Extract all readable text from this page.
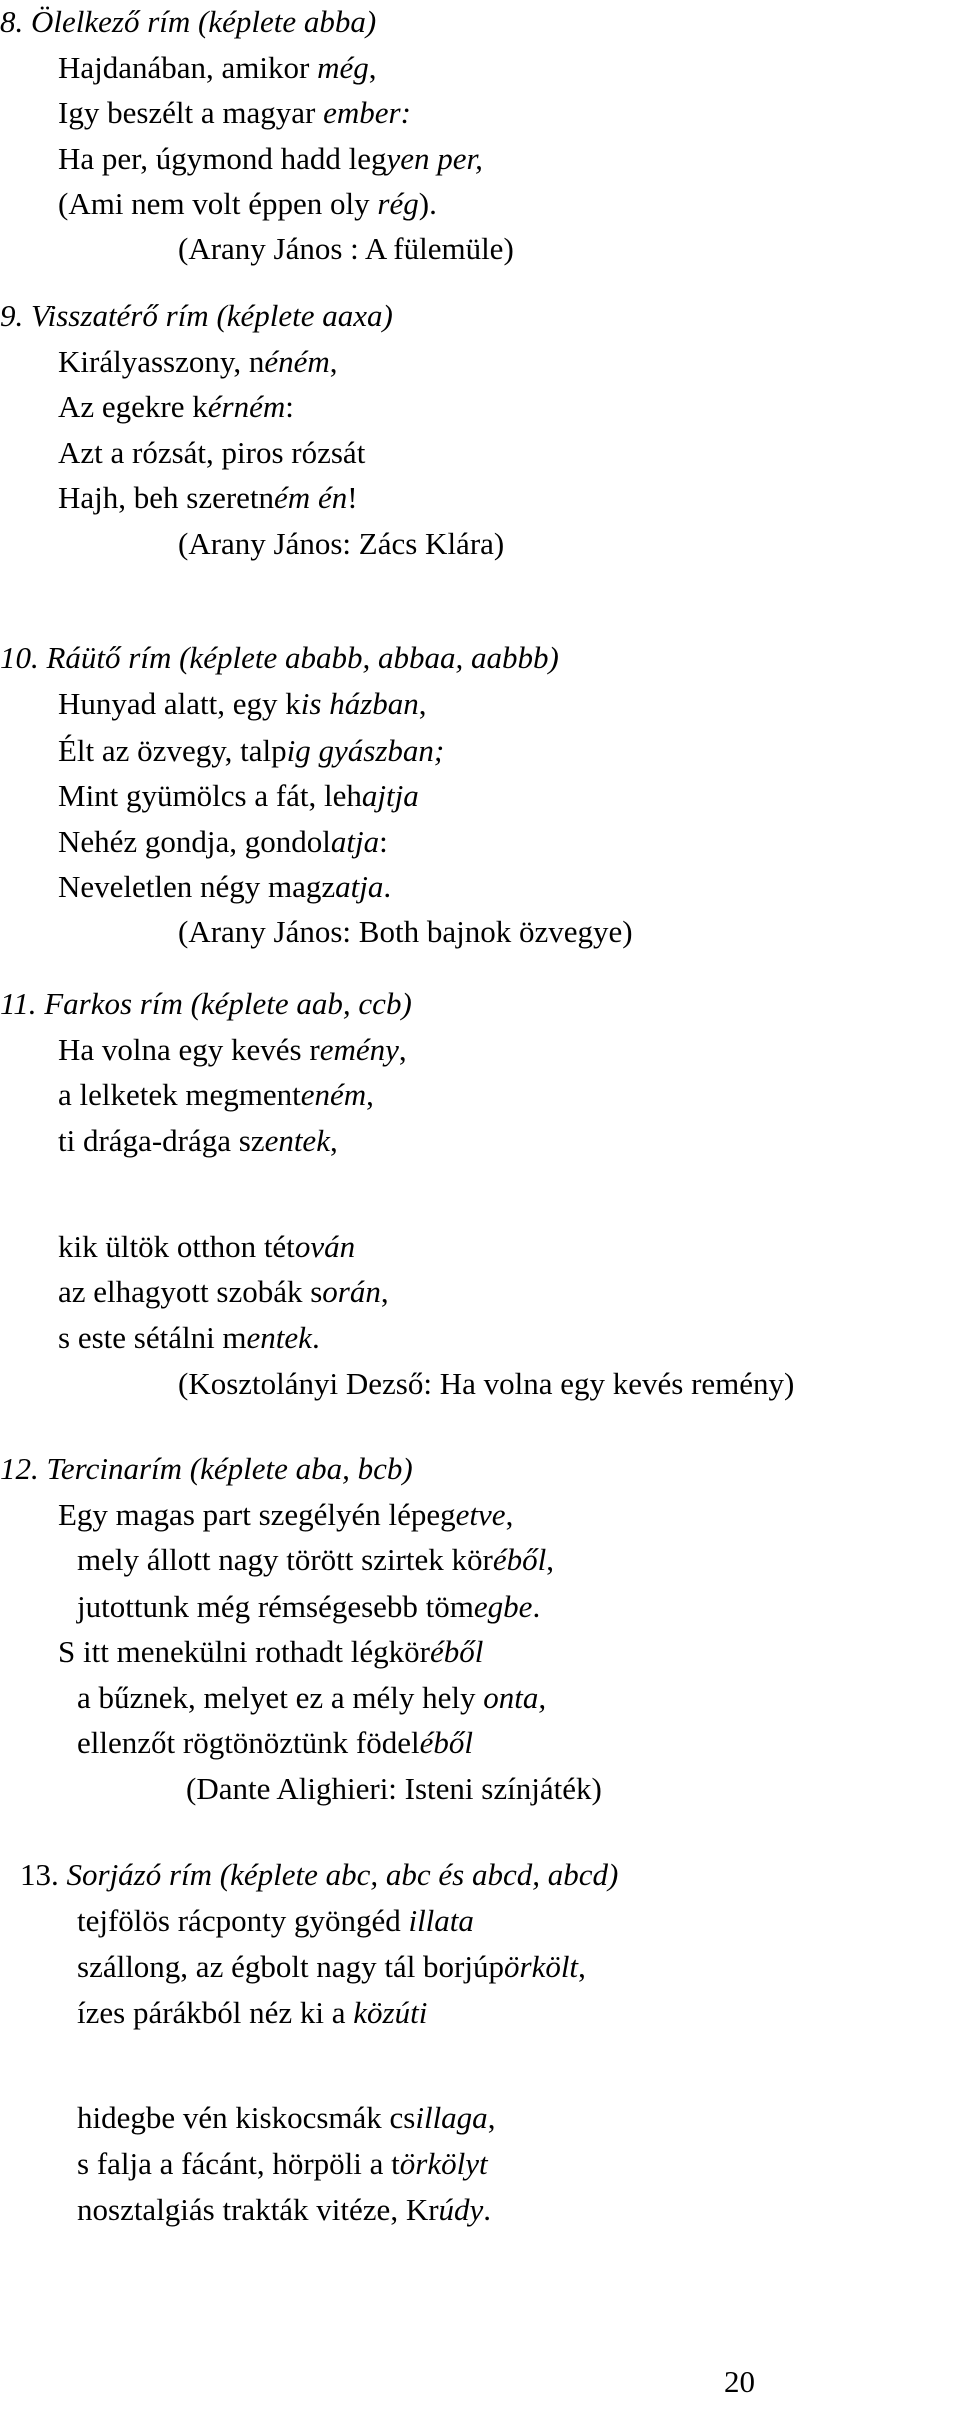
8. Ölelkező rím (képlete abba)

Hajdanában, amikor még,

Igy beszélt a magyar ember:

Ha per, úgymond hadd legyen per,

(Ami nem volt éppen oly rég).

(Arany János : A fülemüle)

9. Visszatérő rím (képlete aaxa)

Királyasszony, néném,

Az egekre kérném:

Azt a rózsát, piros rózsát

Hajh, beh szeretném én!

(Arany János: Zács Klára)

10. Ráütő rím (képlete ababb, abbaa, aabbb)

Hunyad alatt, egy kis házban,

Élt az özvegy, talpig gyászban;

Mint gyümölcs a fát, lehajtja

Nehéz gondja, gondolatja:

Neveletlen négy magzatja.

(Arany János: Both bajnok özvegye)

11. Farkos rím (képlete aab, ccb)

Ha volna egy kevés remény,

a lelketek megmenteném,

ti drága-drága szentek,

kik ültök otthon tétován

az elhagyott szobák során,

s este sétálni mentek.

(Kosztolányi Dezső: Ha volna egy kevés remény)

12. Tercinarím (képlete aba, bcb)

Egy magas part szegélyén lépegetve,

mely állott nagy törött szirtek köréből,

jutottunk még rémségesebb tömegbe.

S itt menekülni rothadt légköréből

a bűznek, melyet ez a mély hely onta,

ellenzőt rögtönöztünk födeléből

(Dante Alighieri: Isteni színjáték)

13. Sorjázó rím (képlete abc, abc és abcd, abcd)

tejfölös rácponty gyöngéd illata

szállong, az égbolt nagy tál borjúpörkölt,

ízes párákból néz ki a közúti

hidegbe vén kiskocsmák csillaga,

s falja a fácánt, hörpöli a törkölyt

nosztalgiás trakták vitéze, Krúdy.

20
